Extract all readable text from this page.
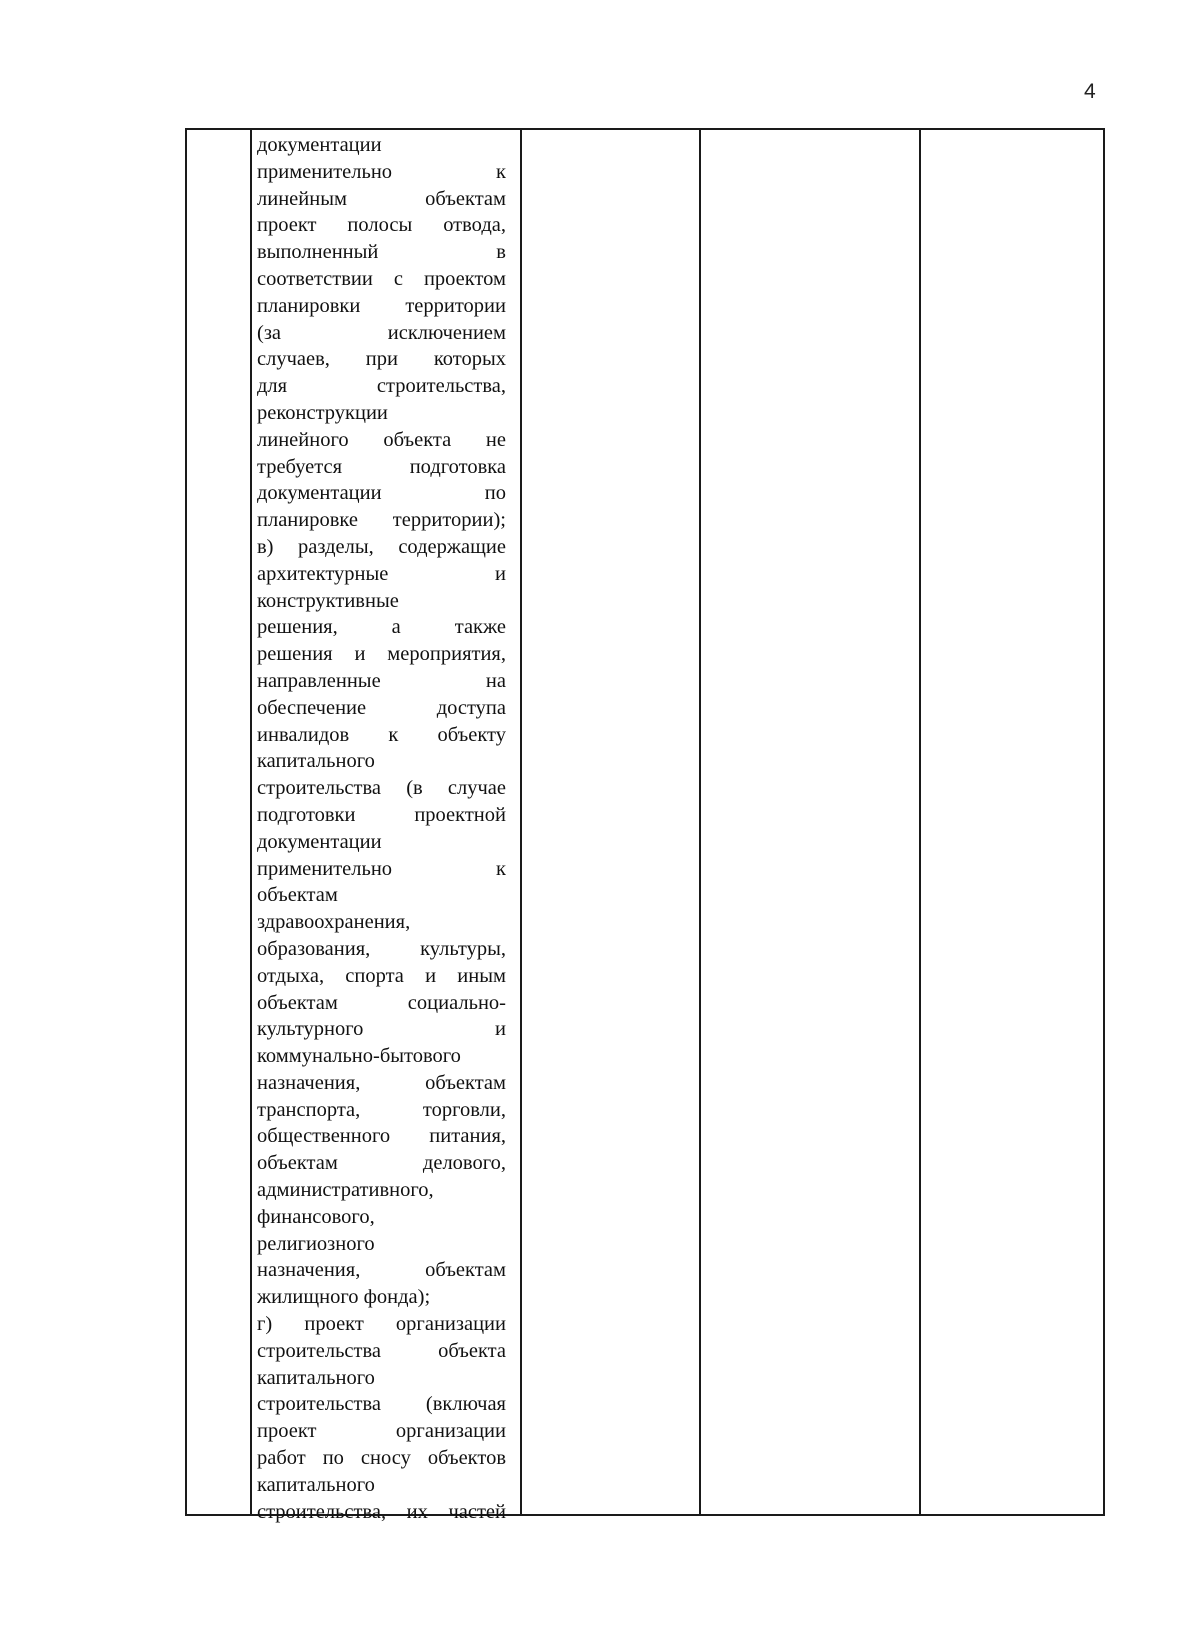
4
документации
применительно к
линейным объектам
проект полосы отвода,
выполненный в
соответствии с проектом
планировки территории
(за исключением
случаев, при которых
для строительства,
реконструкции
линейного объекта не
требуется подготовка
документации по
планировке территории);
в) разделы, содержащие
архитектурные и
конструктивные
решения, а также
решения и мероприятия,
направленные на
обеспечение доступа
инвалидов к объекту
капитального
строительства (в случае
подготовки проектной
документации
применительно к
объектам
здравоохранения,
образования, культуры,
отдыха, спорта и иным
объектам социально-
культурного и
коммунально-бытового
назначения, объектам
транспорта, торговли,
общественного питания,
объектам делового,
административного,
финансового,
религиозного
назначения, объектам
жилищного фонда);
г) проект организации
строительства объекта
капитального
строительства (включая
проект организации
работ по сносу объектов
капитального
строительства, их частей
